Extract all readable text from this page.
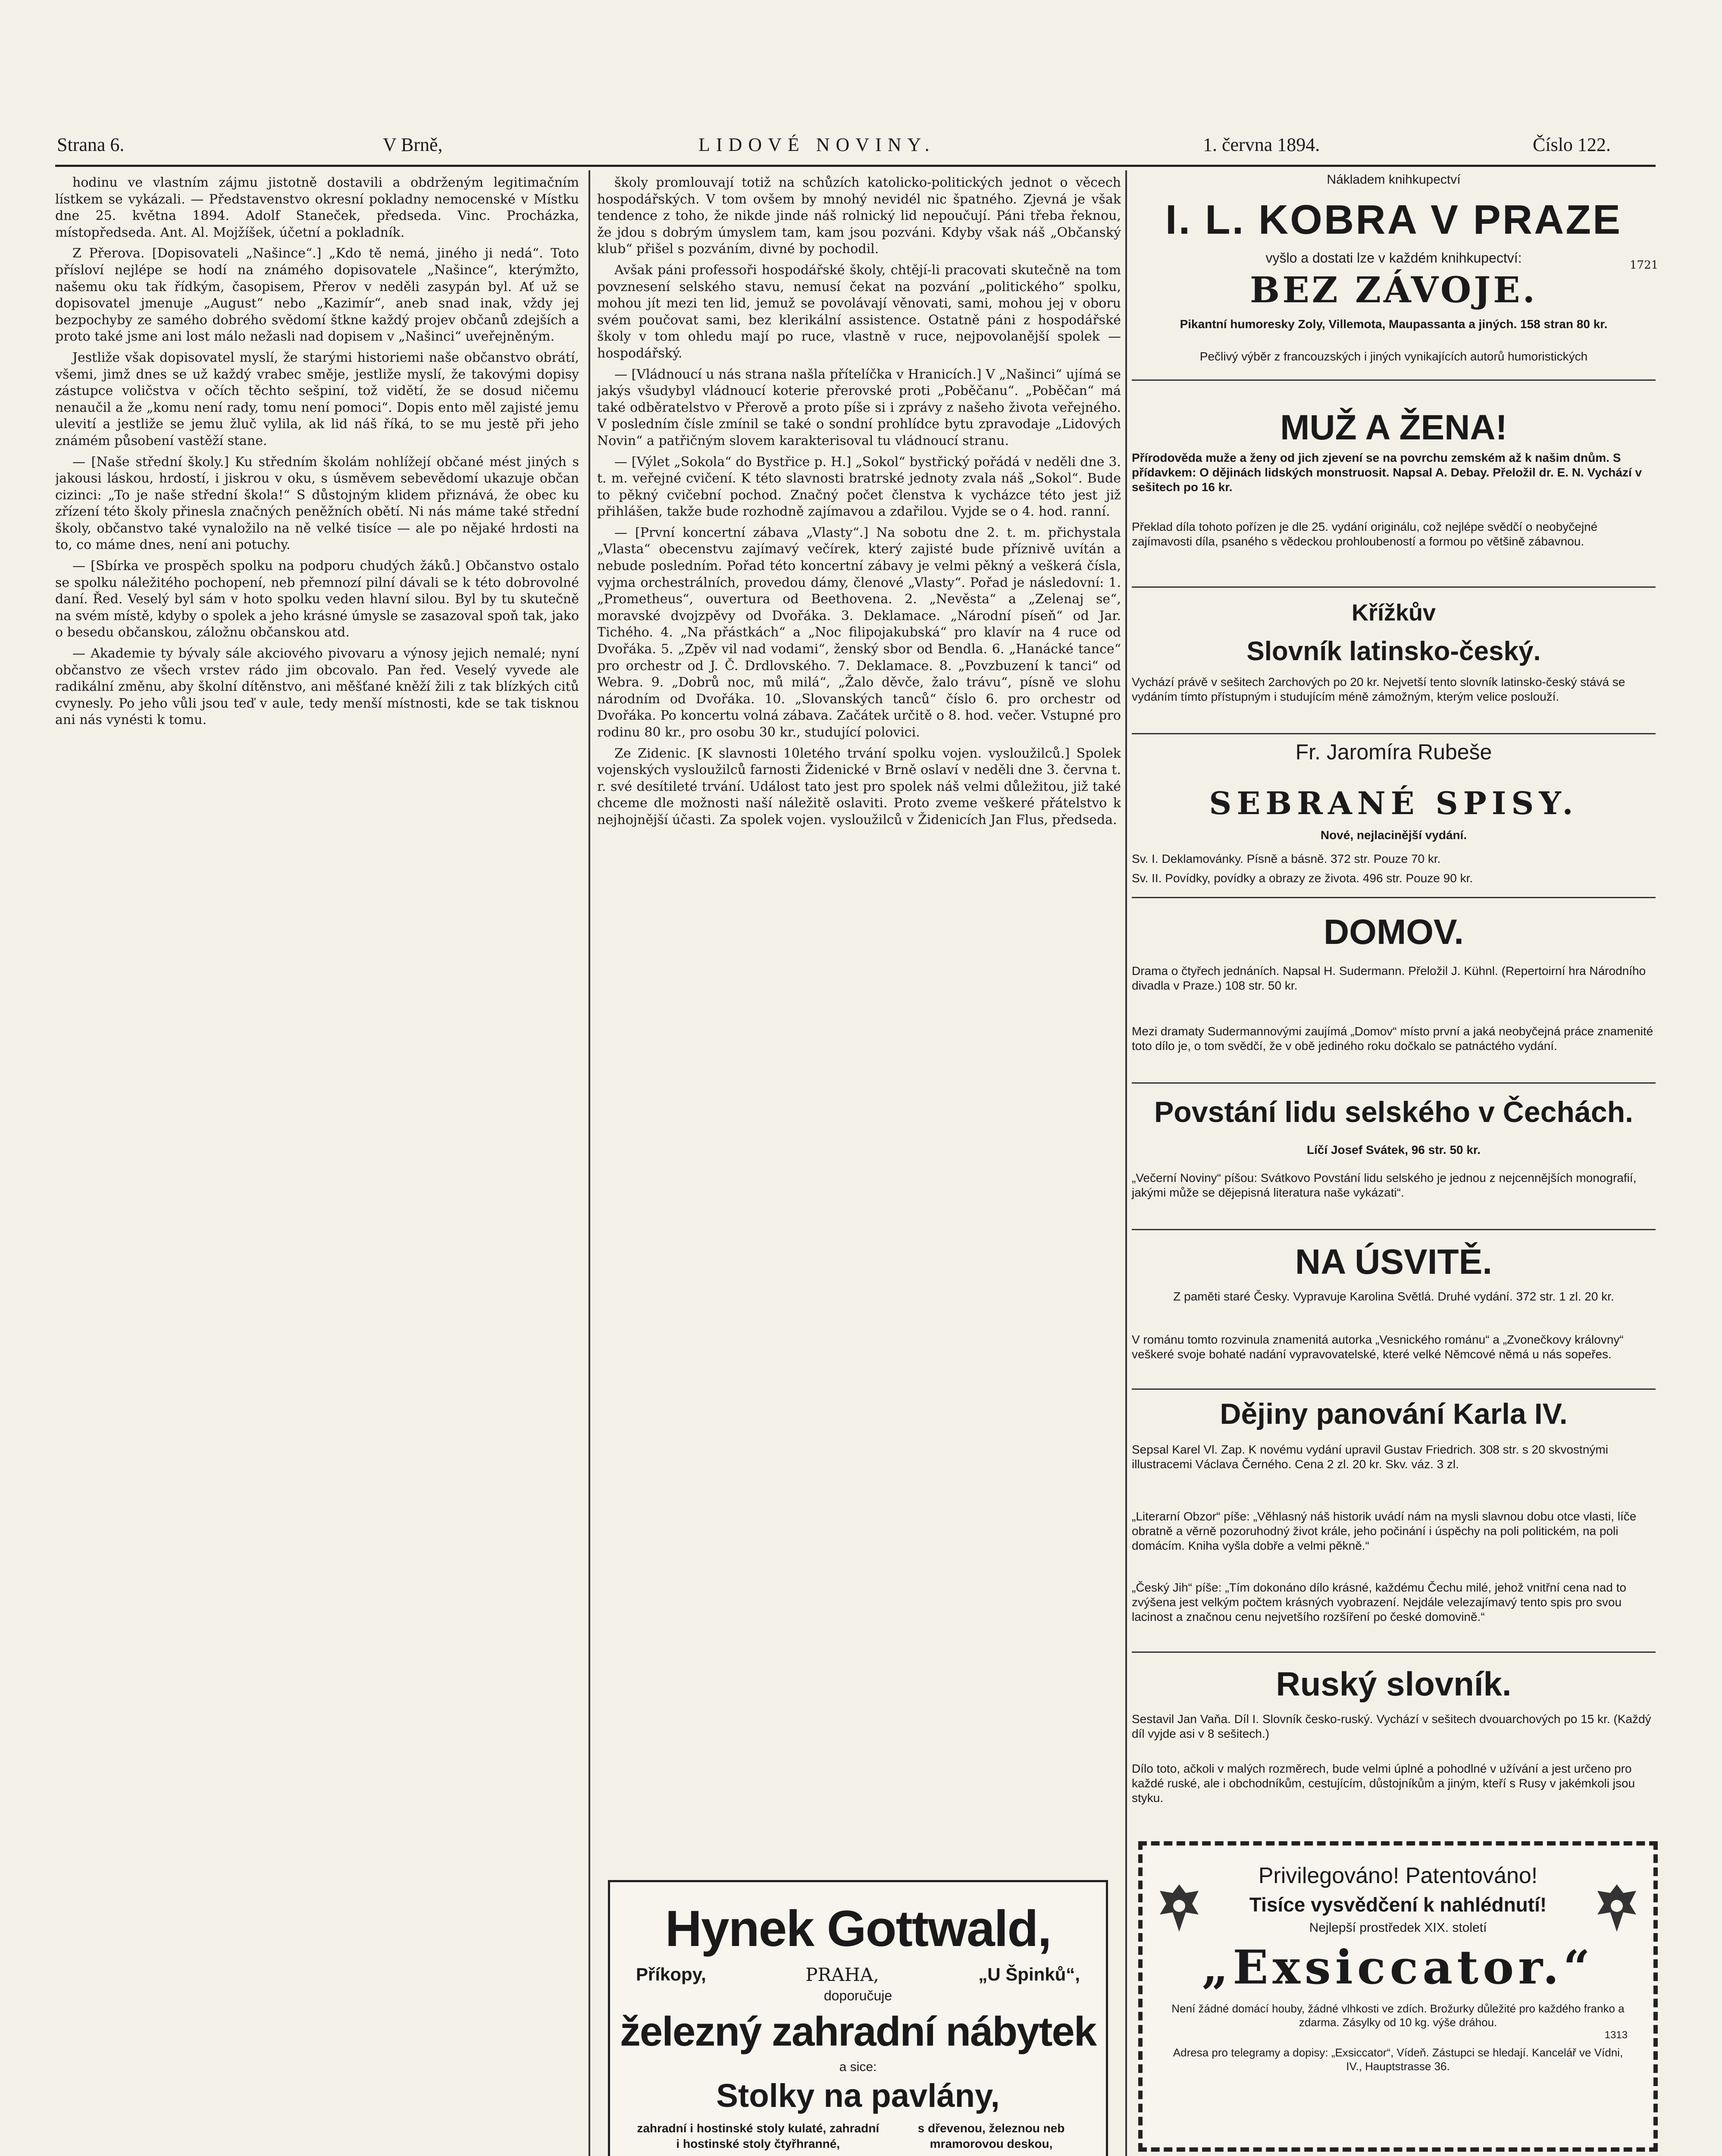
Strana 6.	V Brně,	LIDOVÉ NOVINY.	1. června 1894.	Číslo 122.

hodinu ve vlastním zájmu jistotně dostavili a obdrženým legitimačním lístkem se vykázali. — Představenstvo okresní pokladny nemocenské v Místku dne 25. května 1894. Adolf Staneček, předseda. Vinc. Procházka, místopředseda. Ant. Al. Mojžíšek, účetní a pokladník.

Z Přerova. [Dopisovateli „Našince“.] „Kdo tě nemá, jiného ji nedá“. Toto přísloví nejlépe se hodí na známého dopisovatele „Našince“, kterýmžto, našemu oku tak řídkým, časopisem, Přerov v neděli zasypán byl. Ať už se dopisovatel jmenuje „August“ nebo „Kazimír“, aneb snad inak, vždy jej bezpochyby ze samého dobrého svědomí štkne každý projev občanů zdejších a proto také jsme ani lost málo nežasli nad dopisem v „Našinci“ uveřejněným.

Jestliže však dopisovatel myslí, že starými historiemi naše občanstvo obrátí, všemi, jimž dnes se už každý vrabec směje, jestliže myslí, že takovými dopisy zástupce voličstva v očích těchto sešpiní, tož vidětí, že se dosud ničemu nenaučil a že „komu není rady, tomu není pomoci“. Dopis ento měl zajisté jemu ulevití a jestliže se jemu žluč vylila, ak lid náš říká, to se mu jestě při jeho známém působení vastěží stane.

— [Naše střední školy.] Ku středním školám nohlížejí občané mést jiných s jakousi láskou, hrdostí, i jiskrou v oku, s úsměvem sebevědomí ukazuje občan cizinci: „To je naše střední škola!“ S důstojným klidem přiznává, že obec ku zřízení této školy přinesla značných peněžních obětí. Ni nás máme také střední školy, občanstvo také vynaložilo na ně velké tisíce — ale po nějaké hrdosti na to, co máme dnes, není ani potuchy.

— [Sbírka ve prospěch spolku na podporu chudých žáků.] Občanstvo ostalo se spolku náležitého pochopení, neb přemnozí pilní dávali se k této dobrovolné daní. Řed. Veselý byl sám v hoto spolku veden hlavní silou. Byl by tu skutečně na svém místě, kdyby o spolek a jeho krásné úmysle se zasazoval spoň tak, jako o besedu občanskou, záložnu občanskou atd.

— Akademie ty bývaly sále akciového pivovaru a výnosy jejich nemalé; nyní občanstvo ze všech vrstev rádo jim obcovalo. Pan řed. Veselý vyvede ale radikální změnu, aby školní dítěnstvo, ani měšťané kněží žili z tak blízkých citů cvynesly. Po jeho vůli jsou teď v aule, tedy menší místnosti, kde se tak tisknou ani nás vynésti k tomu.

školy promlouvají totiž na schůzích katolicko-politických jednot o věcech hospodářských. V tom ovšem by mnohý nevidél nic špatného. Zjevná je však tendence z toho, že nikde jinde náš rolnický lid nepoučují. Páni třeba řeknou, že jdou s dobrým úmyslem tam, kam jsou pozváni. Kdyby však náš „Občanský klub“ přišel s pozváním, divné by pochodil.

Avšak páni professoři hospodářské školy, chtějí-li pracovati skutečně na tom povznesení selského stavu, nemusí čekat na pozvání „politického“ spolku, mohou jít mezi ten lid, jemuž se povolávají věnovati, sami, mohou jej v oboru svém poučovat sami, bez klerikální assistence. Ostatně páni z hospodářské školy v tom ohledu mají po ruce, vlastně v ruce, nejpovolanější spolek — hospodářský.

— [Vládnoucí u nás strana našla přítelíčka v Hranicích.] V „Našinci“ ujímá se jakýs všudybyl vládnoucí koterie přerovské proti „Poběčanu“. „Poběčan“ má také odběratelstvo v Přerově a proto píše si i zprávy z našeho života veřejného. V posledním čísle zmínil se také o sondní prohlídce bytu zpravodaje „Lidových Novin“ a patřičným slovem karakterisoval tu vládnoucí stranu.

— [Výlet „Sokola“ do Bystřice p. H.] „Sokol“ bystřický pořádá v neděli dne 3. t. m. veřejné cvičení. K této slavnosti bratrské jednoty zvala náš „Sokol“. Bude to pěkný cvičební pochod. Značný počet členstva k vycházce této jest již přihlášen, takže bude rozhodně zajímavou a zdařilou. Vyjde se o 4. hod. ranní.

— [První koncertní zábava „Vlasty“.] Na sobotu dne 2. t. m. přichystala „Vlasta“ obecenstvu zajímavý večírek, který zajisté bude příznivě uvítán a nebude posledním. Pořad této koncertní zábavy je velmi pěkný a veškerá čísla, vyjma orchestrálních, provedou dámy, členové „Vlasty“. Pořad je následovní: 1. „Prometheus“, ouvertura od Beethovena. 2. „Nevěsta“ a „Zelenaj se“, moravské dvojzpěvy od Dvořáka. 3. Deklamace. „Národní píseň“ od Jar. Tichého. 4. „Na přástkách“ a „Noc filipojakubská“ pro klavír na 4 ruce od Dvořáka. 5. „Zpěv vil nad vodami“, ženský sbor od Bendla. 6. „Hanácké tance“ pro orchestr od J. Č. Drdlovského. 7. Deklamace. 8. „Povzbuzení k tanci“ od Webra. 9. „Dobrů noc, mů milá“, „Žalo děvče, žalo trávu“, písně ve slohu národním od Dvořáka. 10. „Slovanských tanců“ číslo 6. pro orchestr od Dvořáka. Po koncertu volná zábava. Začátek určitě o 8. hod. večer. Vstupné pro rodinu 80 kr., pro osobu 30 kr., studující polovici.

Ze Zidenic. [K slavnosti 10letého trvání spolku vojen. vysloužilců.] Spolek vojenských vysloužilců farnosti Židenické v Brně oslaví v neděli dne 3. června t. r. své desítileté trvání. Událost tato jest pro spolek náš velmi důležitou, již také chceme dle možnosti naší náležitě oslaviti. Proto zveme veškeré přátelstvo k nejhojnější účasti. Za spolek vojen. vysloužilců v Židenicích Jan Flus, předseda.

Hynek Gottwald,
Příkopy,	PRAHA,	„U Špinků“,
doporučuje
železný zahradní nábytek
a sice:
Stolky na pavlány,
zahradní i hostinské stoly kulaté, zahradní i hostinské stoly čtyřhranné,
s dřevenou, železnou neb mramorovou deskou,
Nákladem knihkupectví
I. L. KOBRA V PRAZE
vyšlo a dostati lze v každém knihkupectví:	1721
BEZ ZÁVOJE.
Pikantní humoresky Zoly, Villemota, Maupassanta a jiných. 158 stran 80 kr.
Pečlivý výběr z francouzských i jiných vynikajících autorů humoristických
MUŽ A ŽENA!
Přírodověda muže a ženy od jich zjevení se na povrchu zemském až k našim dnům. S přídavkem: O dějinách lidských monstruosit. Napsal A. Debay. Přeložil dr. E. N. Vychází v sešitech po 16 kr.
Překlad díla tohoto pořízen je dle 25. vydání originálu, což nejlépe svědčí o neobyčejné zajímavosti díla, psaného s vědeckou prohloubeností a formou po většině zábavnou.
Křížkův
Slovník latinsko-český.
Vychází právě v sešitech 2archových po 20 kr. Nejvetší tento slovník latinsko-český stává se vydáním tímto přístupným i studujícím méně zámožným, kterým velice poslouží.
Fr. Jaromíra Rubeše
SEBRANÉ SPISY.
Nové, nejlacinější vydání.
Sv. I. Deklamovánky. Písně a básně. 372 str. Pouze 70 kr.
Sv. II. Povídky, povídky a obrazy ze života. 496 str. Pouze 90 kr.
DOMOV.
Drama o čtyřech jednáních. Napsal H. Sudermann. Přeložil J. Kühnl. (Repertoirní hra Národního divadla v Praze.) 108 str. 50 kr.
Mezi dramaty Sudermannovými zaujímá „Domov“ místo první a jaká neobyčejná práce znamenité toto dílo je, o tom svědčí, že v obě jediného roku dočkalo se patnáctého vydání.
Povstání lidu selského v Čechách.
Líčí Josef Svátek, 96 str. 50 kr.
„Večerní Noviny“ píšou: Svátkovo Povstání lidu selského je jednou z nejcennějších monografií, jakými může se dějepisná literatura naše vykázati“.
NA ÚSVITĚ.
Z paměti staré Česky. Vypravuje Karolina Světlá. Druhé vydání. 372 str. 1 zl. 20 kr.
V románu tomto rozvinula znamenitá autorka „Vesnického románu“ a „Zvonečkovy královny“ veškeré svoje bohaté nadání vypravovatelské, které velké Němcové němá u nás sopeřes.
Dějiny panování Karla IV.
Sepsal Karel Vl. Zap. K novému vydání upravil Gustav Friedrich. 308 str. s 20 skvostnými illustracemi Václava Černého. Cena 2 zl. 20 kr. Skv. váz. 3 zl.
„Literarní Obzor“ píše: „Věhlasný náš historik uvádí nám na mysli slavnou dobu otce vlasti, líče obratně a věrně pozoruhodný život krále, jeho počinání i úspěchy na poli politickém, na poli domácím. Kniha vyšla dobře a velmi pěkně.“
„Český Jih“ píše: „Tím dokonáno dílo krásné, každému Čechu milé, jehož vnitřní cena nad to zvýšena jest velkým počtem krásných vyobrazení. Nejdále velezajímavý tento spis pro svou lacinost a značnou cenu nejvetšího rozšíření po české domovině.“
Ruský slovník.
Sestavil Jan Vaňa. Díl I. Slovník česko-ruský. Vychází v sešitech dvouarchových po 15 kr. (Každý díl vyjde asi v 8 sešitech.)
Dílo toto, ačkoli v malých rozměrech, bude velmi úplné a pohodlné v užívání a jest určeno pro každé ruské, ale i obchodníkům, cestujícím, důstojníkům a jiným, kteří s Rusy v jakémkoli jsou styku.
Privilegováno! Patentováno!
Tisíce vysvědčení k nahlédnutí!
Nejlepší prostředek XIX. století
„Exsiccator.“
Není žádné domácí houby, žádné vlhkosti ve zdích. Brožurky důležité pro každého franko a zdarma. Zásylky od 10 kg. výše dráhou.
1313
Adresa pro telegramy a dopisy: „Exsiccator“, Vídeň. Zástupci se hledají. Kancelář ve Vídni, IV., Hauptstrasse 36.
